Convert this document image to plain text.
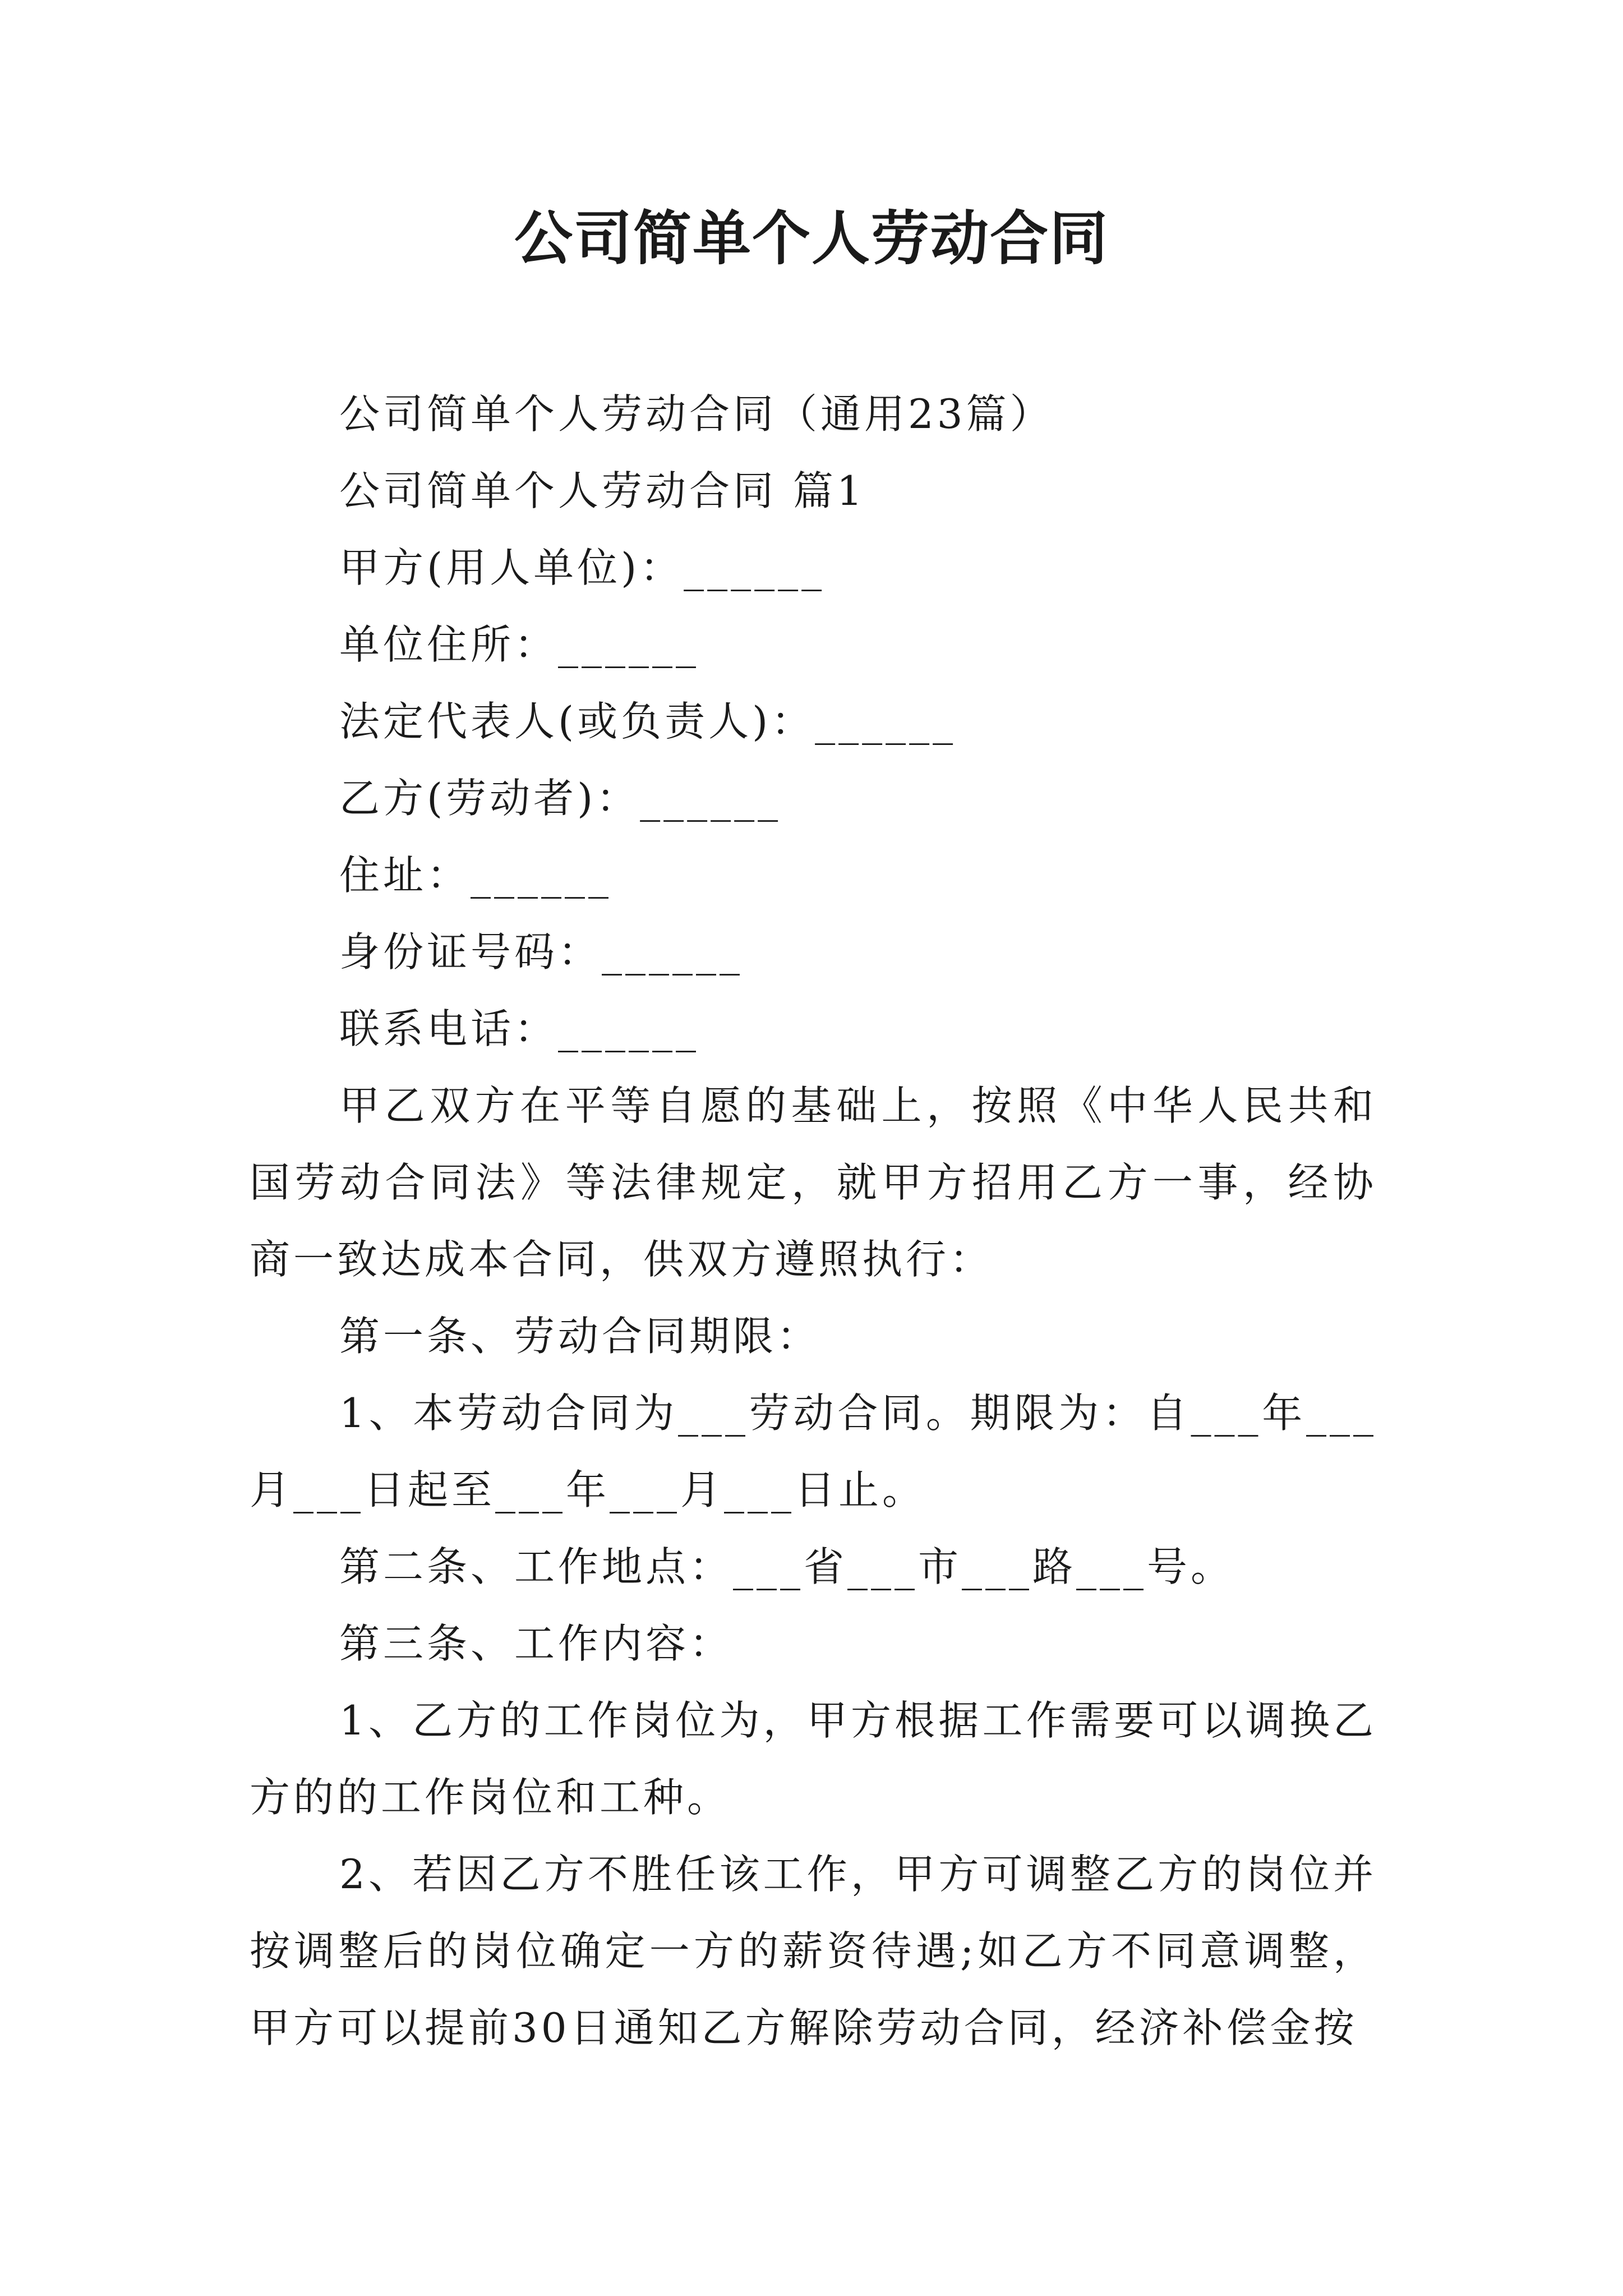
公司简单个人劳动合同

公司简单个人劳动合同（通用23篇）

公司简单个人劳动合同 篇1

甲方(用人单位)：______

单位住所：______

法定代表人(或负责人)：______

乙方(劳动者)：______

住址：______

身份证号码：______

联系电话：______

甲乙双方在平等自愿的基础上，按照《中华人民共和国劳动合同法》等法律规定，就甲方招用乙方一事，经协商一致达成本合同，供双方遵照执行：

第一条、劳动合同期限：

1、本劳动合同为___劳动合同。期限为：自___年___月___日起至___年___月___日止。

第二条、工作地点：___省___市___路___号。

第三条、工作内容：

1、乙方的工作岗位为，甲方根据工作需要可以调换乙方的的工作岗位和工种。

2、若因乙方不胜任该工作，甲方可调整乙方的岗位并按调整后的岗位确定一方的薪资待遇;如乙方不同意调整，甲方可以提前30日通知乙方解除劳动合同，经济补偿金按
